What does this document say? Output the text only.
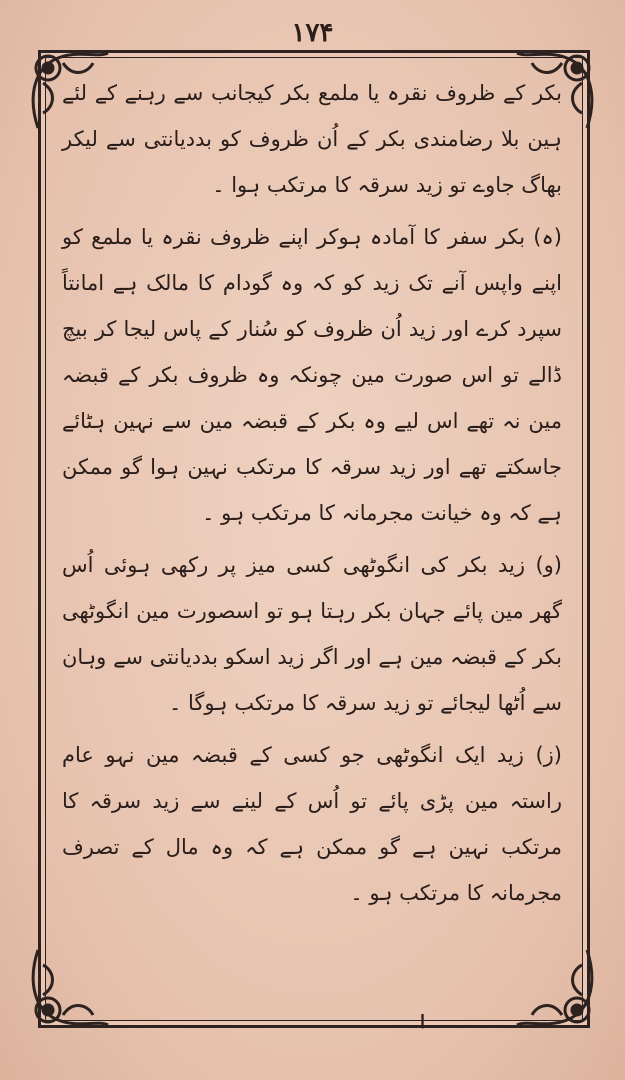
۱۷۴

بکر کے ظروف نقرہ یا ملمع بکر کیجانب سے رہنے کے لئے ہین بلا رضامندی بکر کے اُن ظروف کو بددیانتی سے لیکر بھاگ جاوے تو زید سرقہ کا مرتکب ہوا ۔

(ہ) بکر سفر کا آمادہ ہوکر اپنے ظروف نقرہ یا ملمع کو اپنے واپس آنے تک زید کو کہ وہ گودام کا مالک ہے امانتاً سپرد کرے اور زید اُن ظروف کو سُنار کے پاس لیجا کر بیچ ڈالے تو اس صورت مین چونکہ وہ ظروف بکر کے قبضہ مین نہ تھے اس لیے وہ بکر کے قبضہ مین سے نہین ہٹائے جاسکتے تھے اور زید سرقہ کا مرتکب نہین ہوا گو ممکن ہے کہ وہ خیانت مجرمانہ کا مرتکب ہو ۔

(و) زید بکر کی انگوٹھی کسی میز پر رکھی ہوئی اُس گھر مین پائے جہان بکر رہتا ہو تو اسصورت مین انگوٹھی بکر کے قبضہ مین ہے اور اگر زید اسکو بددیانتی سے وہان سے اُٹھا لیجائے تو زید سرقہ کا مرتکب ہوگا ۔

(ز) زید ایک انگوٹھی جو کسی کے قبضہ مین نہو عام راستہ مین پڑی پائے تو اُس کے لینے سے زید سرقہ کا مرتکب نہین ہے گو ممکن ہے کہ وہ مال کے تصرف مجرمانہ کا مرتکب ہو ۔

ا
